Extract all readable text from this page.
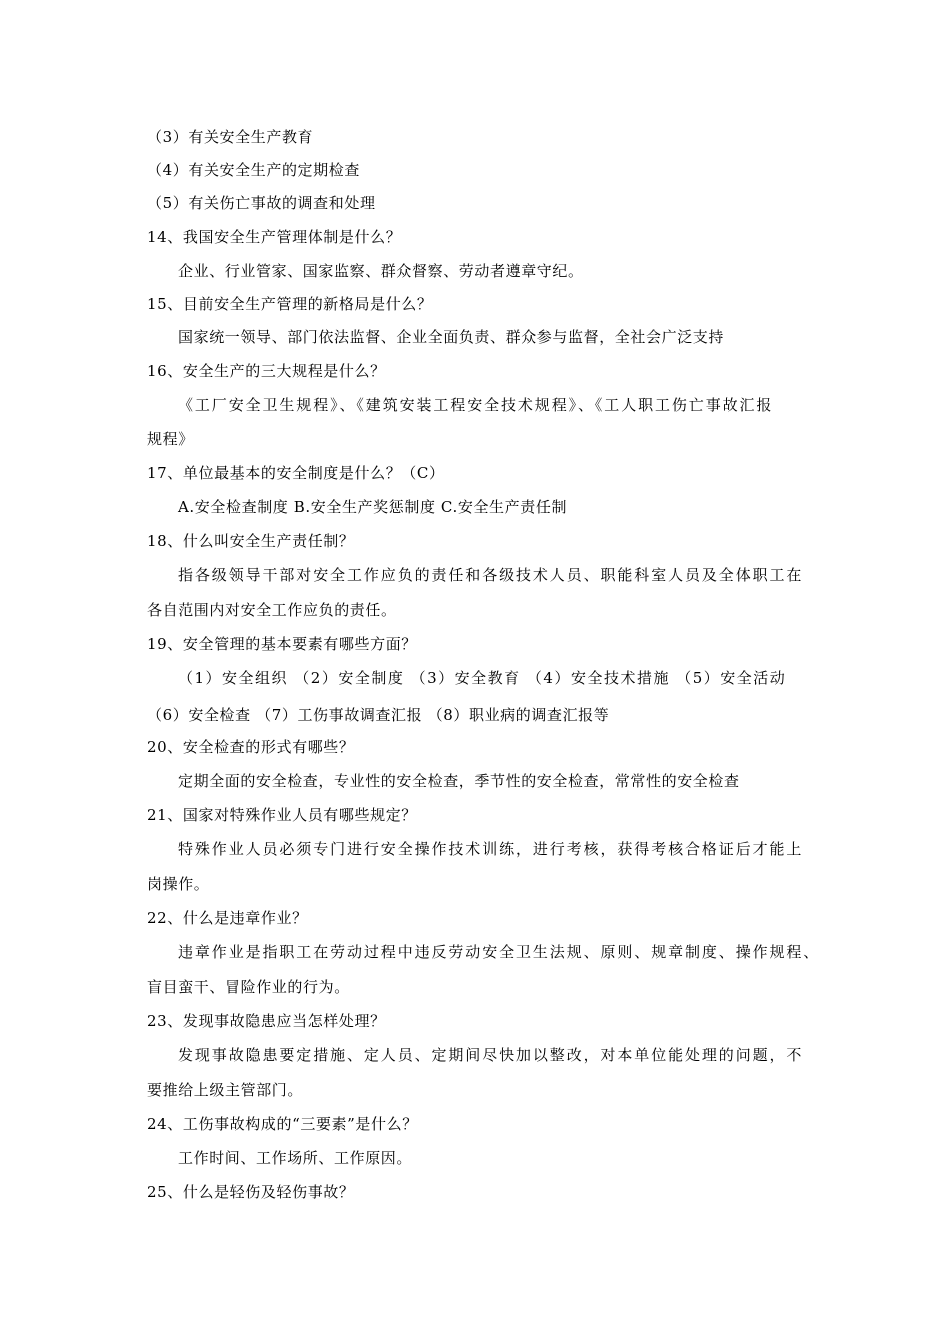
（3）有关安全生产教育
（4）有关安全生产的定期检查
（5）有关伤亡事故的调查和处理
14、我国安全生产管理体制是什么？
企业、行业管家、国家监察、群众督察、劳动者遵章守纪。
15、目前安全生产管理的新格局是什么？
国家统一领导、部门依法监督、企业全面负责、群众参与监督，全社会广泛支持
16、安全生产的三大规程是什么？
《工厂安全卫生规程》、《建筑安装工程安全技术规程》、《工人职工伤亡事故汇报
规程》
17、单位最基本的安全制度是什么？（C）
A.安全检查制度 B.安全生产奖惩制度 C.安全生产责任制
18、什么叫安全生产责任制？
指各级领导干部对安全工作应负的责任和各级技术人员、职能科室人员及全体职工在
各自范围内对安全工作应负的责任。
19、安全管理的基本要素有哪些方面？
（1）安全组织 （2）安全制度 （3）安全教育 （4）安全技术措施 （5）安全活动
（6）安全检查 （7）工伤事故调查汇报 （8）职业病的调查汇报等
20、安全检查的形式有哪些？
定期全面的安全检查，专业性的安全检查，季节性的安全检查，常常性的安全检查
21、国家对特殊作业人员有哪些规定？
特殊作业人员必须专门进行安全操作技术训练，进行考核，获得考核合格证后才能上
岗操作。
22、什么是违章作业？
违章作业是指职工在劳动过程中违反劳动安全卫生法规、原则、规章制度、操作规程、
盲目蛮干、冒险作业的行为。
23、发现事故隐患应当怎样处理？
发现事故隐患要定措施、定人员、定期间尽快加以整改，对本单位能处理的问题，不
要推给上级主管部门。
24、工伤事故构成的“三要素”是什么？
工作时间、工作场所、工作原因。
25、什么是轻伤及轻伤事故？
